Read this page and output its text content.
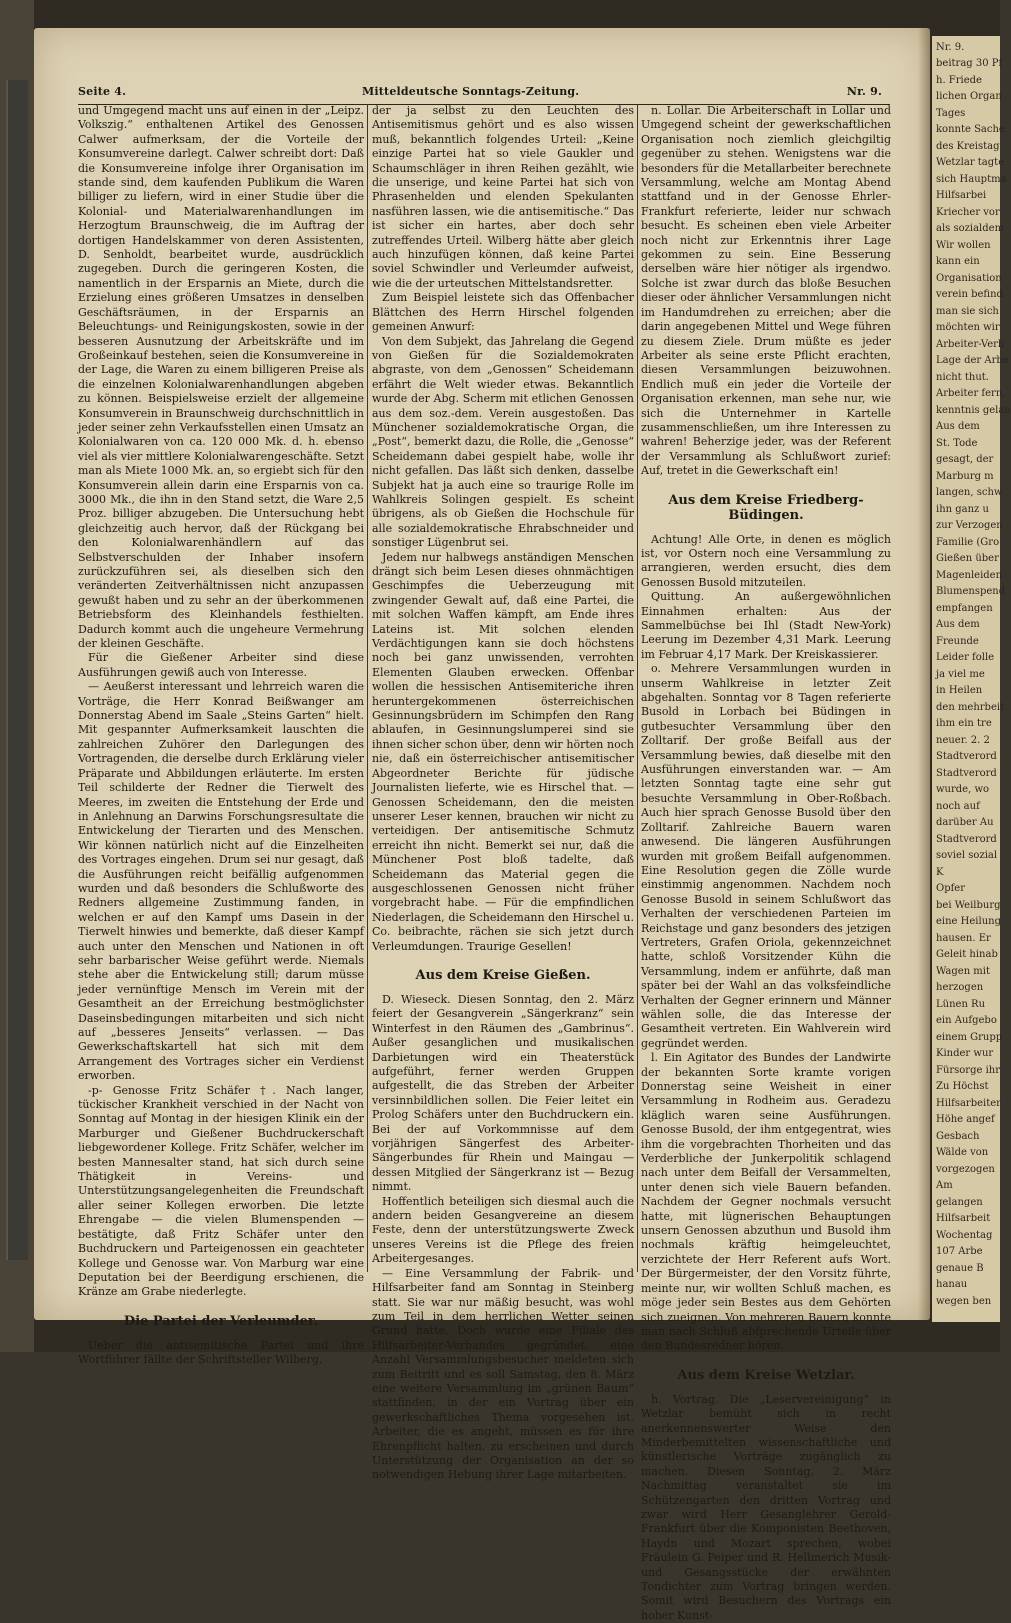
Seite 4.	Mitteldeutsche Sonntags-Zeitung.	Nr. 9.
und Umgegend macht uns auf einen in der „Leipz. Volkszig.“ enthaltenen Artikel des Genossen Calwer aufmerksam, der die Vorteile der Konsumvereine darlegt. Calwer schreibt dort: Daß die Konsumvereine infolge ihrer Organisation im stande sind, dem kaufenden Publikum die Waren billiger zu liefern, wird in einer Studie über die Kolonial- und Materialwarenhandlungen im Herzogtum Braunschweig, die im Auftrag der dortigen Handelskammer von deren Assistenten, D. Senholdt, bearbeitet wurde, ausdrücklich zugegeben. Durch die geringeren Kosten, die namentlich in der Ersparnis an Miete, durch die Erzielung eines größeren Umsatzes in denselben Geschäftsräumen, in der Ersparnis an Beleuchtungs- und Reinigungskosten, sowie in der besseren Ausnutzung der Arbeitskräfte und im Großeinkauf bestehen, seien die Konsumvereine in der Lage, die Waren zu einem billigeren Preise als die einzelnen Kolonialwarenhandlungen abgeben zu können. Beispielsweise erzielt der allgemeine Konsumverein in Braunschweig durchschnittlich in jeder seiner zehn Verkaufsstellen einen Umsatz an Kolonialwaren von ca. 120 000 Mk. d. h. ebenso viel als vier mittlere Kolonialwarengeschäfte. Setzt man als Miete 1000 Mk. an, so ergiebt sich für den Konsumverein allein darin eine Ersparnis von ca. 3000 Mk., die ihn in den Stand setzt, die Ware 2,5 Proz. billiger abzugeben. Die Untersuchung hebt gleichzeitig auch hervor, daß der Rückgang bei den Kolonialwarenhändlern auf das Selbstverschulden der Inhaber insofern zurückzuführen sei, als dieselben sich den veränderten Zeitverhältnissen nicht anzupassen gewußt haben und zu sehr an der überkommenen Betriebsform des Kleinhandels festhielten. Dadurch kommt auch die ungeheure Vermehrung der kleinen Geschäfte.

Für die Gießener Arbeiter sind diese Ausführungen gewiß auch von Interesse.

— Aeußerst interessant und lehrreich waren die Vorträge, die Herr Konrad Beißwanger am Donnerstag Abend im Saale „Steins Garten“ hielt. Mit gespannter Aufmerksamkeit lauschten die zahlreichen Zuhörer den Darlegungen des Vortragenden, die derselbe durch Erklärung vieler Präparate und Abbildungen erläuterte. Im ersten Teil schilderte der Redner die Tierwelt des Meeres, im zweiten die Entstehung der Erde und in Anlehnung an Darwins Forschungsresultate die Entwickelung der Tierarten und des Menschen. Wir können natürlich nicht auf die Einzelheiten des Vortrages eingehen. Drum sei nur gesagt, daß die Ausführungen reicht beifällig aufgenommen wurden und daß besonders die Schlußworte des Redners allgemeine Zustimmung fanden, in welchen er auf den Kampf ums Dasein in der Tierwelt hinwies und bemerkte, daß dieser Kampf auch unter den Menschen und Nationen in oft sehr barbarischer Weise geführt werde. Niemals stehe aber die Entwickelung still; darum müsse jeder vernünftige Mensch im Verein mit der Gesamtheit an der Erreichung bestmöglichster Daseinsbedingungen mitarbeiten und sich nicht auf „besseres Jenseits“ verlassen. — Das Gewerkschaftskartell hat sich mit dem Arrangement des Vortrages sicher ein Verdienst erworben.

-p- Genosse Fritz Schäfer †. Nach langer, tückischer Krankheit verschied in der Nacht von Sonntag auf Montag in der hiesigen Klinik ein der Marburger und Gießener Buchdruckerschaft liebgewordener Kollege. Fritz Schäfer, welcher im besten Mannesalter stand, hat sich durch seine Thätigkeit in Vereins- und Unterstützungsangelegenheiten die Freundschaft aller seiner Kollegen erworben. Die letzte Ehrengabe — die vielen Blumenspenden — bestätigte, daß Fritz Schäfer unter den Buchdruckern und Parteigenossen ein geachteter Kollege und Genosse war. Von Marburg war eine Deputation bei der Beerdigung erschienen, die Kränze am Grabe niederlegte.

Die Partei der Verleumder.

Ueber die antisemitische Partei und ihre Wortführer fällte der Schriftsteller Wilberg,

der ja selbst zu den Leuchten des Antisemitismus gehört und es also wissen muß, bekanntlich folgendes Urteil: „Keine einzige Partei hat so viele Gaukler und Schaumschläger in ihren Reihen gezählt, wie die unserige, und keine Partei hat sich von Phrasenhelden und elenden Spekulanten nasführen lassen, wie die antisemitische.“ Das ist sicher ein hartes, aber doch sehr zutreffendes Urteil. Wilberg hätte aber gleich auch hinzufügen können, daß keine Partei soviel Schwindler und Verleumder aufweist, wie die der urteutschen Mittelstandsretter.

Zum Beispiel leistete sich das Offenbacher Blättchen des Herrn Hirschel folgenden gemeinen Anwurf:

Von dem Subjekt, das Jahrelang die Gegend von Gießen für die Sozialdemokraten abgraste, von dem „Genossen“ Scheidemann erfährt die Welt wieder etwas. Bekanntlich wurde der Abg. Scherm mit etlichen Genossen aus dem soz.-dem. Verein ausgestoßen. Das Münchener sozialdemokratische Organ, die „Post“, bemerkt dazu, die Rolle, die „Genosse“ Scheidemann dabei gespielt habe, wolle ihr nicht gefallen. Das läßt sich denken, dasselbe Subjekt hat ja auch eine so traurige Rolle im Wahlkreis Solingen gespielt. Es scheint übrigens, als ob Gießen die Hochschule für alle sozialdemokratische Ehrabschneider und sonstiger Lügenbrut sei.

Jedem nur halbwegs anständigen Menschen drängt sich beim Lesen dieses ohnmächtigen Geschimpfes die Ueberzeugung mit zwingender Gewalt auf, daß eine Partei, die mit solchen Waffen kämpft, am Ende ihres Lateins ist. Mit solchen elenden Verdächtigungen kann sie doch höchstens noch bei ganz unwissenden, verrohten Elementen Glauben erwecken. Offenbar wollen die hessischen Antisemiteriche ihren heruntergekommenen österreichischen Gesinnungsbrüdern im Schimpfen den Rang ablaufen, in Gesinnungslumperei sind sie ihnen sicher schon über, denn wir hörten noch nie, daß ein österreichischer antisemitischer Abgeordneter Berichte für jüdische Journalisten lieferte, wie es Hirschel that. — Genossen Scheidemann, den die meisten unserer Leser kennen, brauchen wir nicht zu verteidigen. Der antisemitische Schmutz erreicht ihn nicht. Bemerkt sei nur, daß die Münchener Post bloß tadelte, daß Scheidemann das Material gegen die ausgeschlossenen Genossen nicht früher vorgebracht habe. — Für die empfindlichen Niederlagen, die Scheidemann den Hirschel u. Co. beibrachte, rächen sie sich jetzt durch Verleumdungen. Traurige Gesellen!

Aus dem Kreise Gießen.

D. Wieseck. Diesen Sonntag, den 2. März feiert der Gesangverein „Sängerkranz“ sein Winterfest in den Räumen des „Gambrinus“. Außer gesanglichen und musikalischen Darbietungen wird ein Theaterstück aufgeführt, ferner werden Gruppen aufgestellt, die das Streben der Arbeiter versinnbildlichen sollen. Die Feier leitet ein Prolog Schäfers unter den Buchdruckern ein. Bei der auf Vorkommnisse auf dem vorjährigen Sängerfest des Arbeiter-Sängerbundes für Rhein und Maingau — dessen Mitglied der Sängerkranz ist — Bezug nimmt.

Hoffentlich beteiligen sich diesmal auch die andern beiden Gesangvereine an diesem Feste, denn der unterstützungswerte Zweck unseres Vereins ist die Pflege des freien Arbeitergesanges.

— Eine Versammlung der Fabrik- und Hilfsarbeiter fand am Sonntag in Steinberg statt. Sie war nur mäßig besucht, was wohl zum Teil in dem herrlichen Wetter seinen Grund hatte. Doch wurde eine Filiale des Hilfsarbeiter-Verbandes gegründet, eine Anzahl Versammlungsbesucher meldeten sich zum Beitritt und es soll Samstag, den 8. März eine weitere Versammlung im „grünen Baum“ stattfinden, in der ein Vortrag über ein gewerkschaftliches Thema vorgesehen ist. Arbeiter, die es angeht, müssen es für ihre Ehrenpflicht halten, zu erscheinen und durch Unterstützung der Organisation an der so notwendigen Hebung ihrer Lage mitarbeiten.

n. Lollar. Die Arbeiterschaft in Lollar und Umgegend scheint der gewerkschaftlichen Organisation noch ziemlich gleichgiltig gegenüber zu stehen. Wenigstens war die besonders für die Metallarbeiter berechnete Versammlung, welche am Montag Abend stattfand und in der Genosse Ehrler-Frankfurt referierte, leider nur schwach besucht. Es scheinen eben viele Arbeiter noch nicht zur Erkenntnis ihrer Lage gekommen zu sein. Eine Besserung derselben wäre hier nötiger als irgendwo. Solche ist zwar durch das bloße Besuchen dieser oder ähnlicher Versammlungen nicht im Handumdrehen zu erreichen; aber die darin angegebenen Mittel und Wege führen zu diesem Ziele. Drum müßte es jeder Arbeiter als seine erste Pflicht erachten, diesen Versammlungen beizuwohnen. Endlich muß ein jeder die Vorteile der Organisation erkennen, man sehe nur, wie sich die Unternehmer in Kartelle zusammenschließen, um ihre Interessen zu wahren! Beherzige jeder, was der Referent der Versammlung als Schlußwort zurief: Auf, tretet in die Gewerkschaft ein!

Aus dem Kreise Friedberg-Büdingen.

Achtung! Alle Orte, in denen es möglich ist, vor Ostern noch eine Versammlung zu arrangieren, werden ersucht, dies dem Genossen Busold mitzuteilen.

Quittung. An außergewöhnlichen Einnahmen erhalten: Aus der Sammelbüchse bei Ihl (Stadt New-York) Leerung im Dezember 4,31 Mark. Leerung im Februar 4,17 Mark. Der Kreiskassierer.

o. Mehrere Versammlungen wurden in unserm Wahlkreise in letzter Zeit abgehalten. Sonntag vor 8 Tagen referierte Busold in Lorbach bei Büdingen in gutbesuchter Versammlung über den Zolltarif. Der große Beifall aus der Versammlung bewies, daß dieselbe mit den Ausführungen einverstanden war. — Am letzten Sonntag tagte eine sehr gut besuchte Versammlung in Ober-Roßbach. Auch hier sprach Genosse Busold über den Zolltarif. Zahlreiche Bauern waren anwesend. Die längeren Ausführungen wurden mit großem Beifall aufgenommen. Eine Resolution gegen die Zölle wurde einstimmig angenommen. Nachdem noch Genosse Busold in seinem Schlußwort das Verhalten der verschiedenen Parteien im Reichstage und ganz besonders des jetzigen Vertreters, Grafen Oriola, gekennzeichnet hatte, schloß Vorsitzender Kühn die Versammlung, indem er anführte, daß man später bei der Wahl an das volksfeindliche Verhalten der Gegner erinnern und Männer wählen solle, die das Interesse der Gesamtheit vertreten. Ein Wahlverein wird gegründet werden.

l. Ein Agitator des Bundes der Landwirte der bekannten Sorte kramte vorigen Donnerstag seine Weisheit in einer Versammlung in Rodheim aus. Geradezu kläglich waren seine Ausführungen. Genosse Busold, der ihm entgegentrat, wies ihm die vorgebrachten Thorheiten und das Verderbliche der Junkerpolitik schlagend nach unter dem Beifall der Versammelten, unter denen sich viele Bauern befanden. Nachdem der Gegner nochmals versucht hatte, mit lügnerischen Behauptungen unsern Genossen abzuthun und Busold ihm nochmals kräftig heimgeleuchtet, verzichtete der Herr Referent aufs Wort. Der Bürgermeister, der den Vorsitz führte, meinte nur, wir wollten Schluß machen, es möge jeder sein Bestes aus dem Gehörten sich zueignen. Von mehreren Bauern konnte man nach Schluß abfprechende Urteile über den Bundesredner hören.

Aus dem Kreise Wetzlar.

h. Vortrag. Die „Leservereinigung“ in Wetzlar bemüht sich in recht anerkennenswerter Weise den Minderbemittelten wissenschaftliche und künstlerische Vorträge zugänglich zu machen. Diesen Sonntag, 2. März Nachmittag veranstaltet sie im Schützengarten den dritten Vortrag und zwar wird Herr Gesanglehrer Gerold-Frankfurt über die Komponisten Beethoven, Haydn und Mozart sprechen, wobei Fräulein G. Peiper und R. Hellmerich Musik- und Gesangsstücke der erwähnten Tondichter zum Vortrag bringen werden. Somit wird Besuchern des Vortrags ein hoher Kunst-

Nr. 9.
beitrag 30 Pf
h. Friede
lichen Organ
Tages
konnte Sache
des Kreistag
Wetzlar tagte
sich Hauptma
Hilfsarbei
Kriecher vor
als sozialdem
Wir wollen
kann ein
Organisation
verein befind
man sie sich
möchten wir
Arbeiter-Verb
Lage der Arbe
nicht thut.
Arbeiter fern,
kenntnis gelan
Aus dem
St. Tode
gesagt, der
Marburg m
langen, schw
ihn ganz u
zur Verzogen
Familie (Gro
Gießen über
Magenleiden
Blumenspend
empfangen
Aus dem
Freunde
Leider folle
ja viel me
in Heilen
den mehrbeit
ihm ein tre
neuer. 2. 2
Stadtverord
Stadtverord
wurde, wo
noch auf
darüber Au
Stadtverord
soviel sozial
K
Opfer
bei Weilburg
eine Heilung
hausen. Er
Geleit hinab
Wagen mit
herzogen
Lünen Ru
ein Aufgebo
einem Grupp
Kinder wur
Fürsorge ihr
Zu Höchst
Hilfsarbeiter
Höhe angef
Gesbach
Wälde von
vorgezogen
Am
gelangen
Hilfsarbeit
Wochentag
107 Arbe
genaue B
hanau
wegen ben
